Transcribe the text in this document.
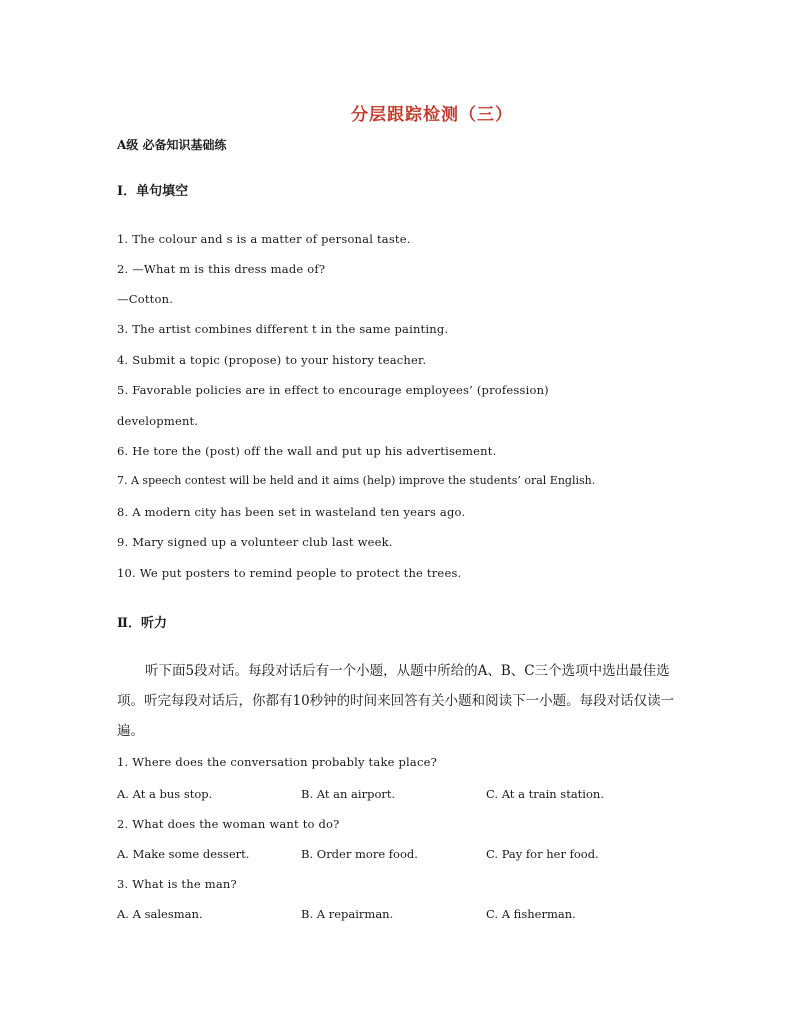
分层跟踪检测（三）
A级 必备知识基础练
Ⅰ．单句填空
1. The colour and s is a matter of personal taste.
2. —What m is this dress made of?
—Cotton.
3. The artist combines different t in the same painting.
4. Submit a topic (propose) to your history teacher.
5. Favorable policies are in effect to encourage employees’ (profession)
development.
6. He tore the (post) off the wall and put up his advertisement.
7. A speech contest will be held and it aims (help) improve the students’ oral English.
8. A modern city has been set in wasteland ten years ago.
9. Mary signed up a volunteer club last week.
10. We put posters to remind people to protect the trees.
Ⅱ．听力
听下面5段对话。每段对话后有一个小题，从题中所给的A、B、C三个选项中选出最佳选项。听完每段对话后，你都有10秒钟的时间来回答有关小题和阅读下一小题。每段对话仅读一遍。
1. Where does the conversation probably take place?
A. At a bus stop.	B. At an airport.	C. At a train station.
2. What does the woman want to do?
A. Make some dessert.	B. Order more food.	C. Pay for her food.
3. What is the man?
A. A salesman.	B. A repairman.	C. A fisherman.
